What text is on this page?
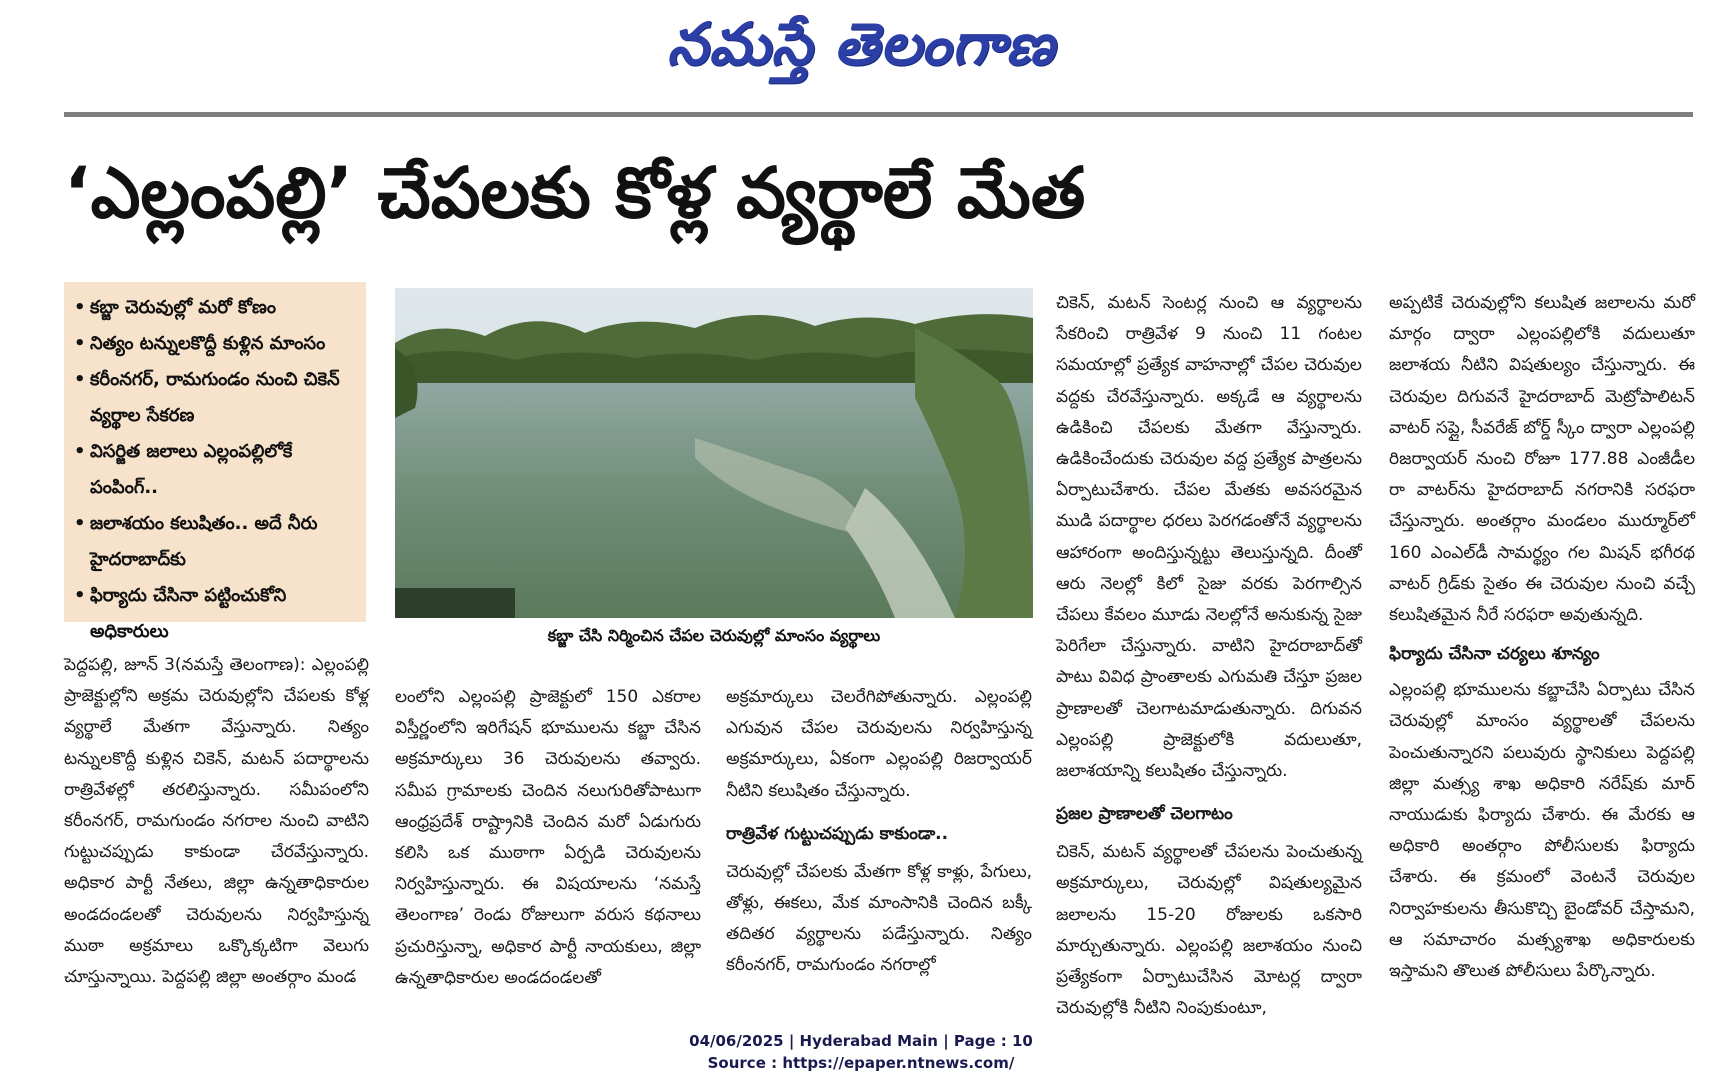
నమస్తే తెలంగాణ
‘ఎల్లంపల్లి’ చేపలకు కోళ్ల వ్యర్థాలే మేత
• కబ్జా చెరువుల్లో మరో కోణం
• నిత్యం టన్నులకొద్దీ కుళ్లిన మాంసం
• కరీంనగర్, రామగుండం నుంచి చికెన్ వ్యర్థాల సేకరణ
• విసర్జిత జలాలు ఎల్లంపల్లిలోకే పంపింగ్..
• జలాశయం కలుషితం.. అదే నీరు హైదరాబాద్‌కు
• ఫిర్యాదు చేసినా పట్టించుకోని అధికారులు	కబ్జా చేసి నిర్మించిన చేపల చెరువుల్లో మాంసం వ్యర్థాలు

పెద్దపల్లి, జూన్ 3(నమస్తే తెలంగాణ): ఎల్లంపల్లి ప్రాజెక్టుల్లోని అక్రమ చెరువుల్లోని చేపలకు కోళ్ల వ్యర్థాలే మేతగా వేస్తున్నారు. నిత్యం టన్నులకొద్దీ కుళ్లిన చికెన్, మటన్ పదార్థాలను రాత్రివేళల్లో తరలిస్తున్నారు. సమీపంలోని కరీంనగర్, రామగుండం నగరాల నుంచి వాటిని గుట్టుచప్పుడు కాకుండా చేరవేస్తున్నారు. అధికార పార్టీ నేతలు, జిల్లా ఉన్నతాధికారుల అండదండలతో చెరువులను నిర్వహిస్తున్న ముఠా అక్రమాలు ఒక్కొక్కటిగా వెలుగు చూస్తున్నాయి. పెద్దపల్లి జిల్లా అంతర్గాం మండ

లంలోని ఎల్లంపల్లి ప్రాజెక్టులో 150 ఎకరాల విస్తీర్ణంలోని ఇరిగేషన్ భూములను కబ్జా చేసిన అక్రమార్కులు 36 చెరువులను తవ్వారు. సమీప గ్రామాలకు చెందిన నలుగురితోపాటుగా ఆంధ్రప్రదేశ్ రాష్ట్రానికి చెందిన మరో ఏడుగురు కలిసి ఒక ముఠాగా ఏర్పడి చెరువులను నిర్వహిస్తున్నారు. ఈ విషయాలను ‘నమస్తే తెలంగాణ’ రెండు రోజులుగా వరుస కథనాలు ప్రచురిస్తున్నా, అధికార పార్టీ నాయకులు, జిల్లా ఉన్నతాధికారుల అండదండలతో

అక్రమార్కులు చెలరేగిపోతున్నారు. ఎల్లంపల్లి ఎగువున చేపల చెరువులను నిర్వహిస్తున్న అక్రమార్కులు, ఏకంగా ఎల్లంపల్లి రిజర్వాయర్ నీటిని కలుషితం చేస్తున్నారు.

రాత్రివేళ గుట్టుచప్పుడు కాకుండా..

చెరువుల్లో చేపలకు మేతగా కోళ్ల కాళ్లు, పేగులు, తోళ్లు, ఈకలు, మేక మాంసానికి చెందిన బక్కీ తదితర వ్యర్థాలను పడేస్తున్నారు. నిత్యం కరీంనగర్, రామగుండం నగరాల్లో

చికెన్, మటన్ సెంటర్ల నుంచి ఆ వ్యర్థాలను సేకరించి రాత్రివేళ 9 నుంచి 11 గంటల సమయాల్లో ప్రత్యేక వాహనాల్లో చేపల చెరువుల వద్దకు చేరవేస్తున్నారు. అక్కడే ఆ వ్యర్థాలను ఉడికించి చేపలకు మేతగా వేస్తున్నారు. ఉడికించేందుకు చెరువుల వద్ద ప్రత్యేక పాత్రలను ఏర్పాటుచేశారు. చేపల మేతకు అవసరమైన ముడి పదార్థాల ధరలు పెరగడంతోనే వ్యర్థాలను ఆహారంగా అందిస్తున్నట్టు తెలుస్తున్నది. దీంతో ఆరు నెలల్లో కిలో సైజు వరకు పెరగాల్సిన చేపలు కేవలం మూడు నెలల్లోనే అనుకున్న సైజు పెరిగేలా చేస్తున్నారు. వాటిని హైదరాబాద్‌తో పాటు వివిధ ప్రాంతాలకు ఎగుమతి చేస్తూ ప్రజల ప్రాణాలతో చెలగాటమాడుతున్నారు. దిగువన ఎల్లంపల్లి ప్రాజెక్టులోకి వదులుతూ, జలాశయాన్ని కలుషితం చేస్తున్నారు.

ప్రజల ప్రాణాలతో చెలగాటం

చికెన్, మటన్ వ్యర్థాలతో చేపలను పెంచుతున్న అక్రమార్కులు, చెరువుల్లో విషతుల్యమైన జలాలను 15-20 రోజులకు ఒకసారి మార్చుతున్నారు. ఎల్లంపల్లి జలాశయం నుంచి ప్రత్యేకంగా ఏర్పాటుచేసిన మోటర్ల ద్వారా చెరువుల్లోకి నీటిని నింపుకుంటూ,

అప్పటికే చెరువుల్లోని కలుషిత జలాలను మరో మార్గం ద్వారా ఎల్లంపల్లిలోకి వదులుతూ జలాశయ నీటిని విషతుల్యం చేస్తున్నారు. ఈ చెరువుల దిగువనే హైదరాబాద్ మెట్రోపాలిటన్ వాటర్ సప్లై, సీవరేజ్ బోర్డ్ స్కీం ద్వారా ఎల్లంపల్లి రిజర్వాయర్ నుంచి రోజూ 177.88 ఎంజీడీల రా వాటర్‌ను హైదరాబాద్ నగరానికి సరఫరా చేస్తున్నారు. అంతర్గాం మండలం ముర్మూర్‌లో 160 ఎంఎల్‌డీ సామర్థ్యం గల మిషన్ భగీరథ వాటర్ గ్రిడ్‌కు సైతం ఈ చెరువుల నుంచి వచ్చే కలుషితమైన నీరే సరఫరా అవుతున్నది.

ఫిర్యాదు చేసినా చర్యలు శూన్యం

ఎల్లంపల్లి భూములను కబ్జాచేసి ఏర్పాటు చేసిన చెరువుల్లో మాంసం వ్యర్థాలతో చేపలను పెంచుతున్నారని పలువురు స్థానికులు పెద్దపల్లి జిల్లా మత్స్య శాఖ అధికారి నరేష్‌కు మార్ నాయుడుకు ఫిర్యాదు చేశారు. ఈ మేరకు ఆ అధికారి అంతర్గాం పోలీసులకు ఫిర్యాదు చేశారు. ఈ క్రమంలో వెంటనే చెరువుల నిర్వాహకులను తీసుకొచ్చి బైండోవర్ చేస్తామని, ఆ సమాచారం మత్స్యశాఖ అధికారులకు ఇస్తామని తొలుత పోలీసులు పేర్కొన్నారు.

04/06/2025 | Hyderabad Main | Page : 10
Source : https://epaper.ntnews.com/
